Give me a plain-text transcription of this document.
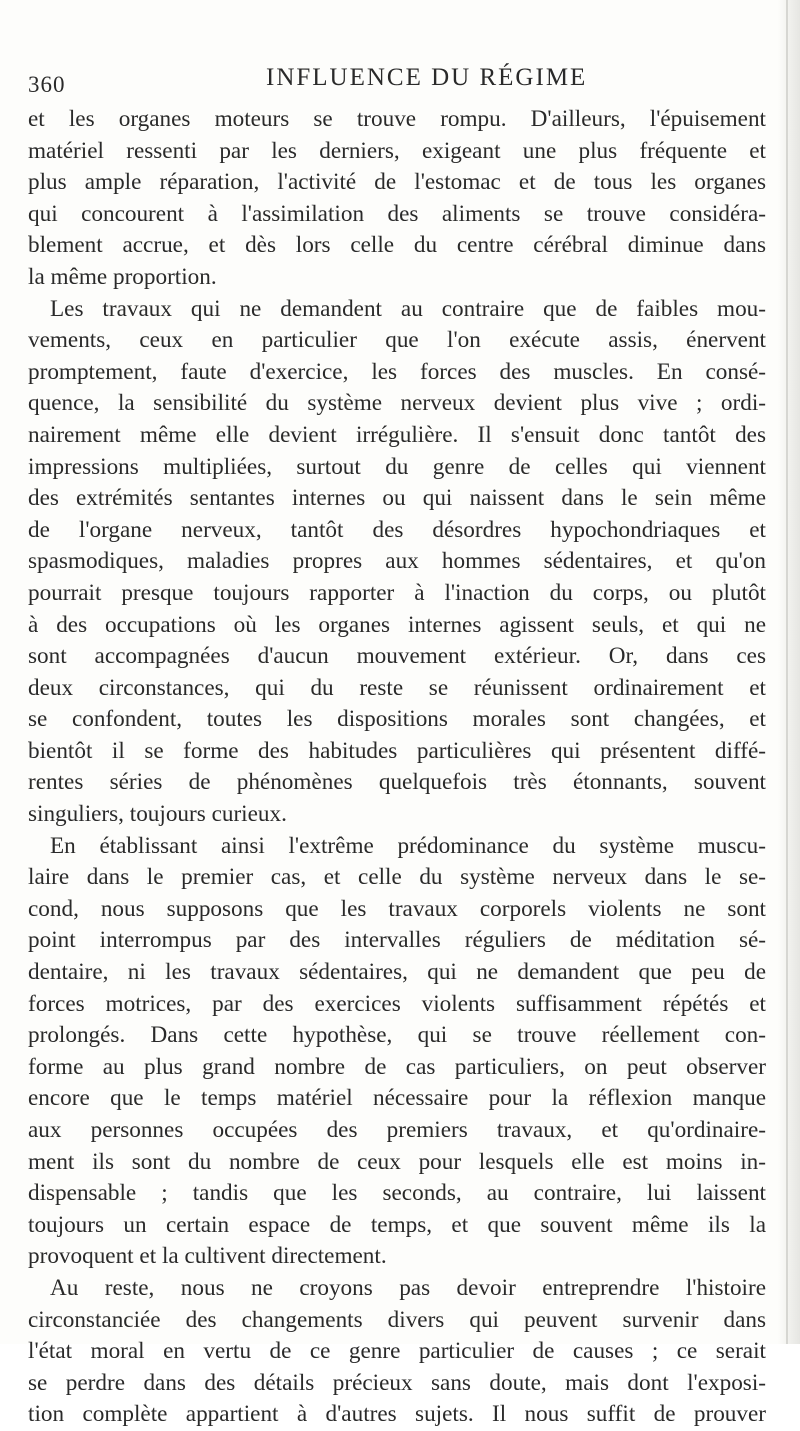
360	INFLUENCE DU RÉGIME
et les organes moteurs se trouve rompu. D'ailleurs, l'épuisement
matériel ressenti par les derniers, exigeant une plus fréquente et
plus ample réparation, l'activité de l'estomac et de tous les organes
qui concourent à l'assimilation des aliments se trouve considéra-
blement accrue, et dès lors celle du centre cérébral diminue dans
la même proportion.
Les travaux qui ne demandent au contraire que de faibles mou-
vements, ceux en particulier que l'on exécute assis, énervent
promptement, faute d'exercice, les forces des muscles. En consé-
quence, la sensibilité du système nerveux devient plus vive ; ordi-
nairement même elle devient irrégulière. Il s'ensuit donc tantôt des
impressions multipliées, surtout du genre de celles qui viennent
des extrémités sentantes internes ou qui naissent dans le sein même
de l'organe nerveux, tantôt des désordres hypochondriaques et
spasmodiques, maladies propres aux hommes sédentaires, et qu'on
pourrait presque toujours rapporter à l'inaction du corps, ou plutôt
à des occupations où les organes internes agissent seuls, et qui ne
sont accompagnées d'aucun mouvement extérieur. Or, dans ces
deux circonstances, qui du reste se réunissent ordinairement et
se confondent, toutes les dispositions morales sont changées, et
bientôt il se forme des habitudes particulières qui présentent diffé-
rentes séries de phénomènes quelquefois très étonnants, souvent
singuliers, toujours curieux.
En établissant ainsi l'extrême prédominance du système muscu-
laire dans le premier cas, et celle du système nerveux dans le se-
cond, nous supposons que les travaux corporels violents ne sont
point interrompus par des intervalles réguliers de méditation sé-
dentaire, ni les travaux sédentaires, qui ne demandent que peu de
forces motrices, par des exercices violents suffisamment répétés et
prolongés. Dans cette hypothèse, qui se trouve réellement con-
forme au plus grand nombre de cas particuliers, on peut observer
encore que le temps matériel nécessaire pour la réflexion manque
aux personnes occupées des premiers travaux, et qu'ordinaire-
ment ils sont du nombre de ceux pour lesquels elle est moins in-
dispensable ; tandis que les seconds, au contraire, lui laissent
toujours un certain espace de temps, et que souvent même ils la
provoquent et la cultivent directement.
Au reste, nous ne croyons pas devoir entreprendre l'histoire
circonstanciée des changements divers qui peuvent survenir dans
l'état moral en vertu de ce genre particulier de causes ; ce serait
se perdre dans des détails précieux sans doute, mais dont l'exposi-
tion complète appartient à d'autres sujets. Il nous suffit de prouver
